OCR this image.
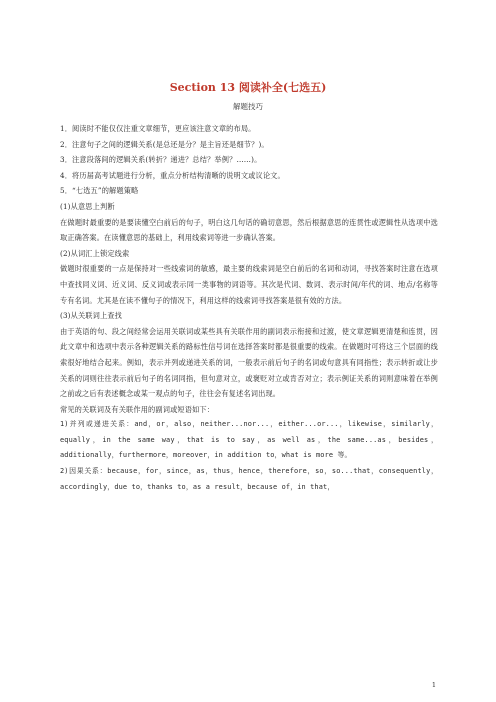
Section 13 阅读补全(七选五)
解题技巧

1．阅读时不能仅仅注重文章细节，更应该注意文章的布局。

2．注意句子之间的逻辑关系(是总还是分？是主旨还是细节？)。

3．注意段落间的逻辑关系(转折？递进？总结？举例？……)。

4．将历届高考试题进行分析，重点分析结构清晰的说明文或议论文。

5．“七选五”的解题策略

(1)从意思上判断

在做题时最重要的是要读懂空白前后的句子，明白这几句话的确切意思，然后根据意思的连贯性或逻辑性从选项中选取正确答案。在读懂意思的基础上，利用线索词等进一步确认答案。

(2)从词汇上锁定线索

做题时很重要的一点是保持对一些线索词的敏感，最主要的线索词是空白前后的名词和动词，寻找答案时注意在选项中查找同义词、近义词、反义词或表示同一类事物的词语等。其次是代词、数词、表示时间/年代的词、地点/名称等专有名词。尤其是在读不懂句子的情况下，利用这样的线索词寻找答案是很有效的方法。

(3)从关联词上查找

由于英语的句、段之间经常会运用关联词或某些具有关联作用的副词表示衔接和过渡，使文章逻辑更清楚和连贯，因此文章中和选项中表示各种逻辑关系的路标性信号词在选择答案时都是很重要的线索。在做题时可将这三个层面的线索很好地结合起来。例如，表示并列或递进关系的词，一般表示前后句子的名词或句意具有同指性；表示转折或让步关系的词则往往表示前后句子的名词同指，但句意对立，或褒贬对立或肯否对立；表示例证关系的词则意味着在举例之前或之后有表述概念或某一观点的句子，往往会有复述名词出现。

常见的关联词及有关联作用的副词或短语如下：

1)并列或递进关系：and，or，also，neither...nor...，either...or...，likewise，similarly，equally，in the same way，that is to say，as well as，the same...as，besides，additionally，furthermore，moreover，in addition to，what is more 等。

2)因果关系：because，for，since，as，thus，hence，therefore，so，so...that，consequently，accordingly，due to，thanks to，as a result，because of，in that，

1
